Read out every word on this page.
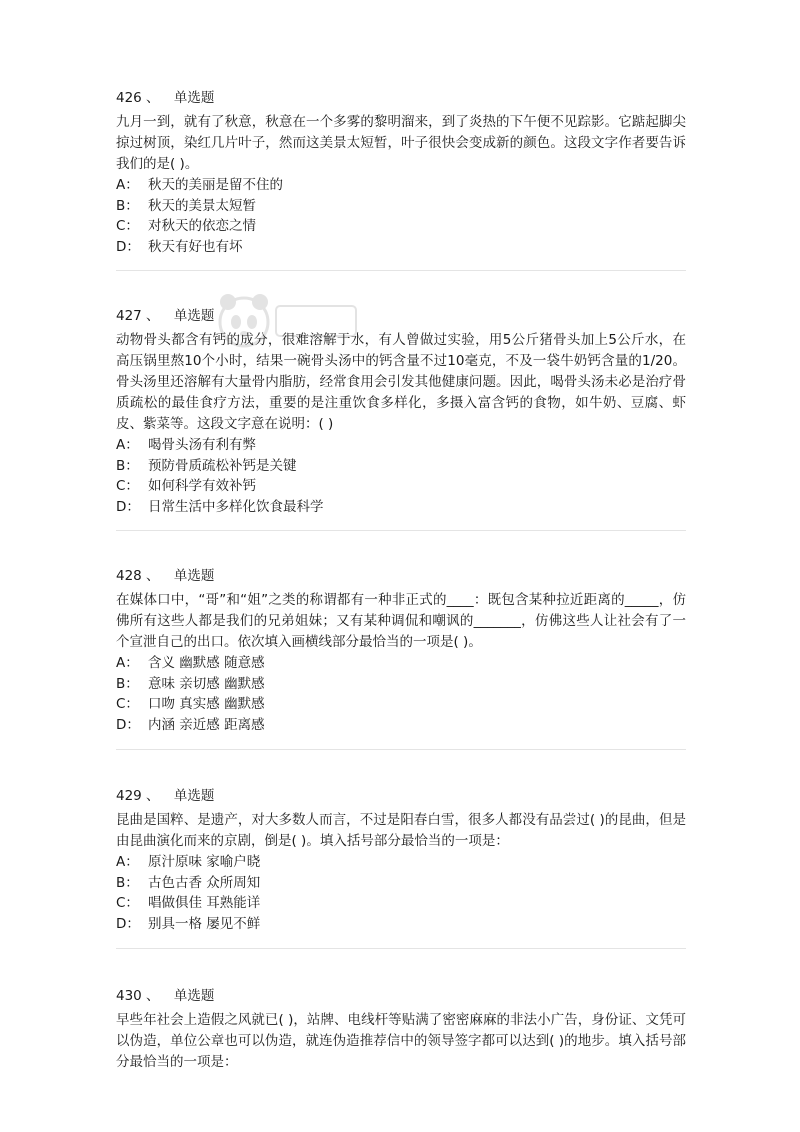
426 、 单选题

九月一到，就有了秋意，秋意在一个多雾的黎明溜来，到了炎热的下午便不见踪影。它踮起脚尖掠过树顶，染红几片叶子，然而这美景太短暂，叶子很快会变成新的颜色。这段文字作者要告诉我们的是( )。

A： 秋天的美丽是留不住的
B： 秋天的美景太短暂
C： 对秋天的依恋之情
D： 秋天有好也有坏
427 、 单选题

动物骨头都含有钙的成分，很难溶解于水，有人曾做过实验，用5公斤猪骨头加上5公斤水，在高压锅里熬10个小时，结果一碗骨头汤中的钙含量不过10毫克，不及一袋牛奶钙含量的1/20。骨头汤里还溶解有大量骨内脂肪，经常食用会引发其他健康问题。因此，喝骨头汤未必是治疗骨质疏松的最佳食疗方法，重要的是注重饮食多样化，多摄入富含钙的食物，如牛奶、豆腐、虾皮、紫菜等。这段文字意在说明：( )

A： 喝骨头汤有利有弊
B： 预防骨质疏松补钙是关键
C： 如何科学有效补钙
D： 日常生活中多样化饮食最科学
428 、 单选题

在媒体口中，“哥”和“姐”之类的称谓都有一种非正式的____：既包含某种拉近距离的_____，仿佛所有这些人都是我们的兄弟姐妹；又有某种调侃和嘲讽的_______，仿佛这些人让社会有了一个宣泄自己的出口。依次填入画横线部分最恰当的一项是( )。

A： 含义 幽默感 随意感
B： 意味 亲切感 幽默感
C： 口吻 真实感 幽默感
D： 内涵 亲近感 距离感
429 、 单选题

昆曲是国粹、是遗产，对大多数人而言，不过是阳春白雪，很多人都没有品尝过( )的昆曲，但是由昆曲演化而来的京剧，倒是( )。填入括号部分最恰当的一项是：

A： 原汁原味 家喻户晓
B： 古色古香 众所周知
C： 唱做俱佳 耳熟能详
D： 别具一格 屡见不鲜
430 、 单选题

早些年社会上造假之风就已( )，站牌、电线杆等贴满了密密麻麻的非法小广告，身份证、文凭可以伪造，单位公章也可以伪造，就连伪造推荐信中的领导签字都可以达到( )的地步。填入括号部分最恰当的一项是：
